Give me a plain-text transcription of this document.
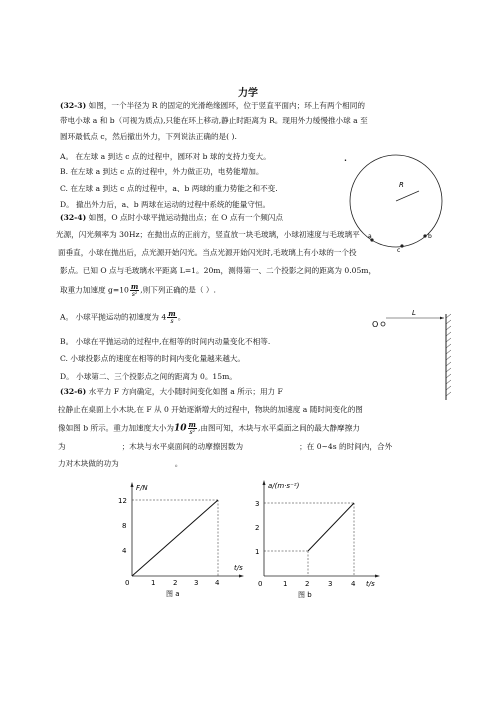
力学
(32-3) 如图，一个半径为 R 的固定的光滑绝缘圆环，位于竖直平面内；环上有两个相同的
带电小球 a 和 b（可视为质点),只能在环上移动,静止时距离为 R。现用外力缓慢推小球 a 至
圆环最低点 c，然后撤出外力，下列说法正确的是( ).
A。 在左球 a 到达 c 点的过程中，圆环对 b 球的支持力变大。
B. 在左球 a 到达 c 点的过程中，外力做正功，电势能增加。
C. 在左球 a 到达 c 点的过程中，a、b 两球的重力势能之和不变.
D。 撤出外力后，a、b 两球在运动的过程中系统的能量守恒。
R
a
c
b
•
(32-4) 如图，O 点时小球平抛运动抛出点；在 O 点有一个频闪点
光源，闪光频率为 30Hz；在抛出点的正前方，竖直放一块毛玻璃，小球初速度与毛玻璃平
面垂直，小球在抛出后，点光源开始闪光。当点光源开始闪光时,毛玻璃上有小球的一个投
影点。已知 O 点与毛玻璃水平距离 L=1。20m，测得第一、二个投影之间的距离为 0.05m，
取重力加速度 $g=10 \frac{m}{\text{s²}}$ ,则下列正确的是（ ）.
A。 小球平抛运动的初速度为 $4 \frac{m}{s}$ 。
B。 小球在平抛运动的过程中,在相等的时间内动量变化不相等.
C. 小球投影点的速度在相等的时间内变化量越来越大。
D。 小球第二、三个投影点之间的距离为 0。15m。
O
L
(32-6) 水平力 F 方向确定，大小随时间变化如图 a 所示；用力 F
拉静止在桌面上小木块,在 F 从 0 开始逐渐增大的过程中，物块的加速度 a 随时间变化的图
像如图 b 所示。重力加速度大小为$10 \frac{m}{\text{s²}}$ ,由图可知，木块与水平桌面之间的最大静摩擦力
为	；木块与水平桌面间的动摩擦因数为	；在 0~4s 的时间内，合外
力对木块做的功为	。
F/N
t/s
12
8
4
0	1	2 3 4
图 a
a/(m·s⁻²)
t/s
3
2
1
0	1	2	3	4
图 b
